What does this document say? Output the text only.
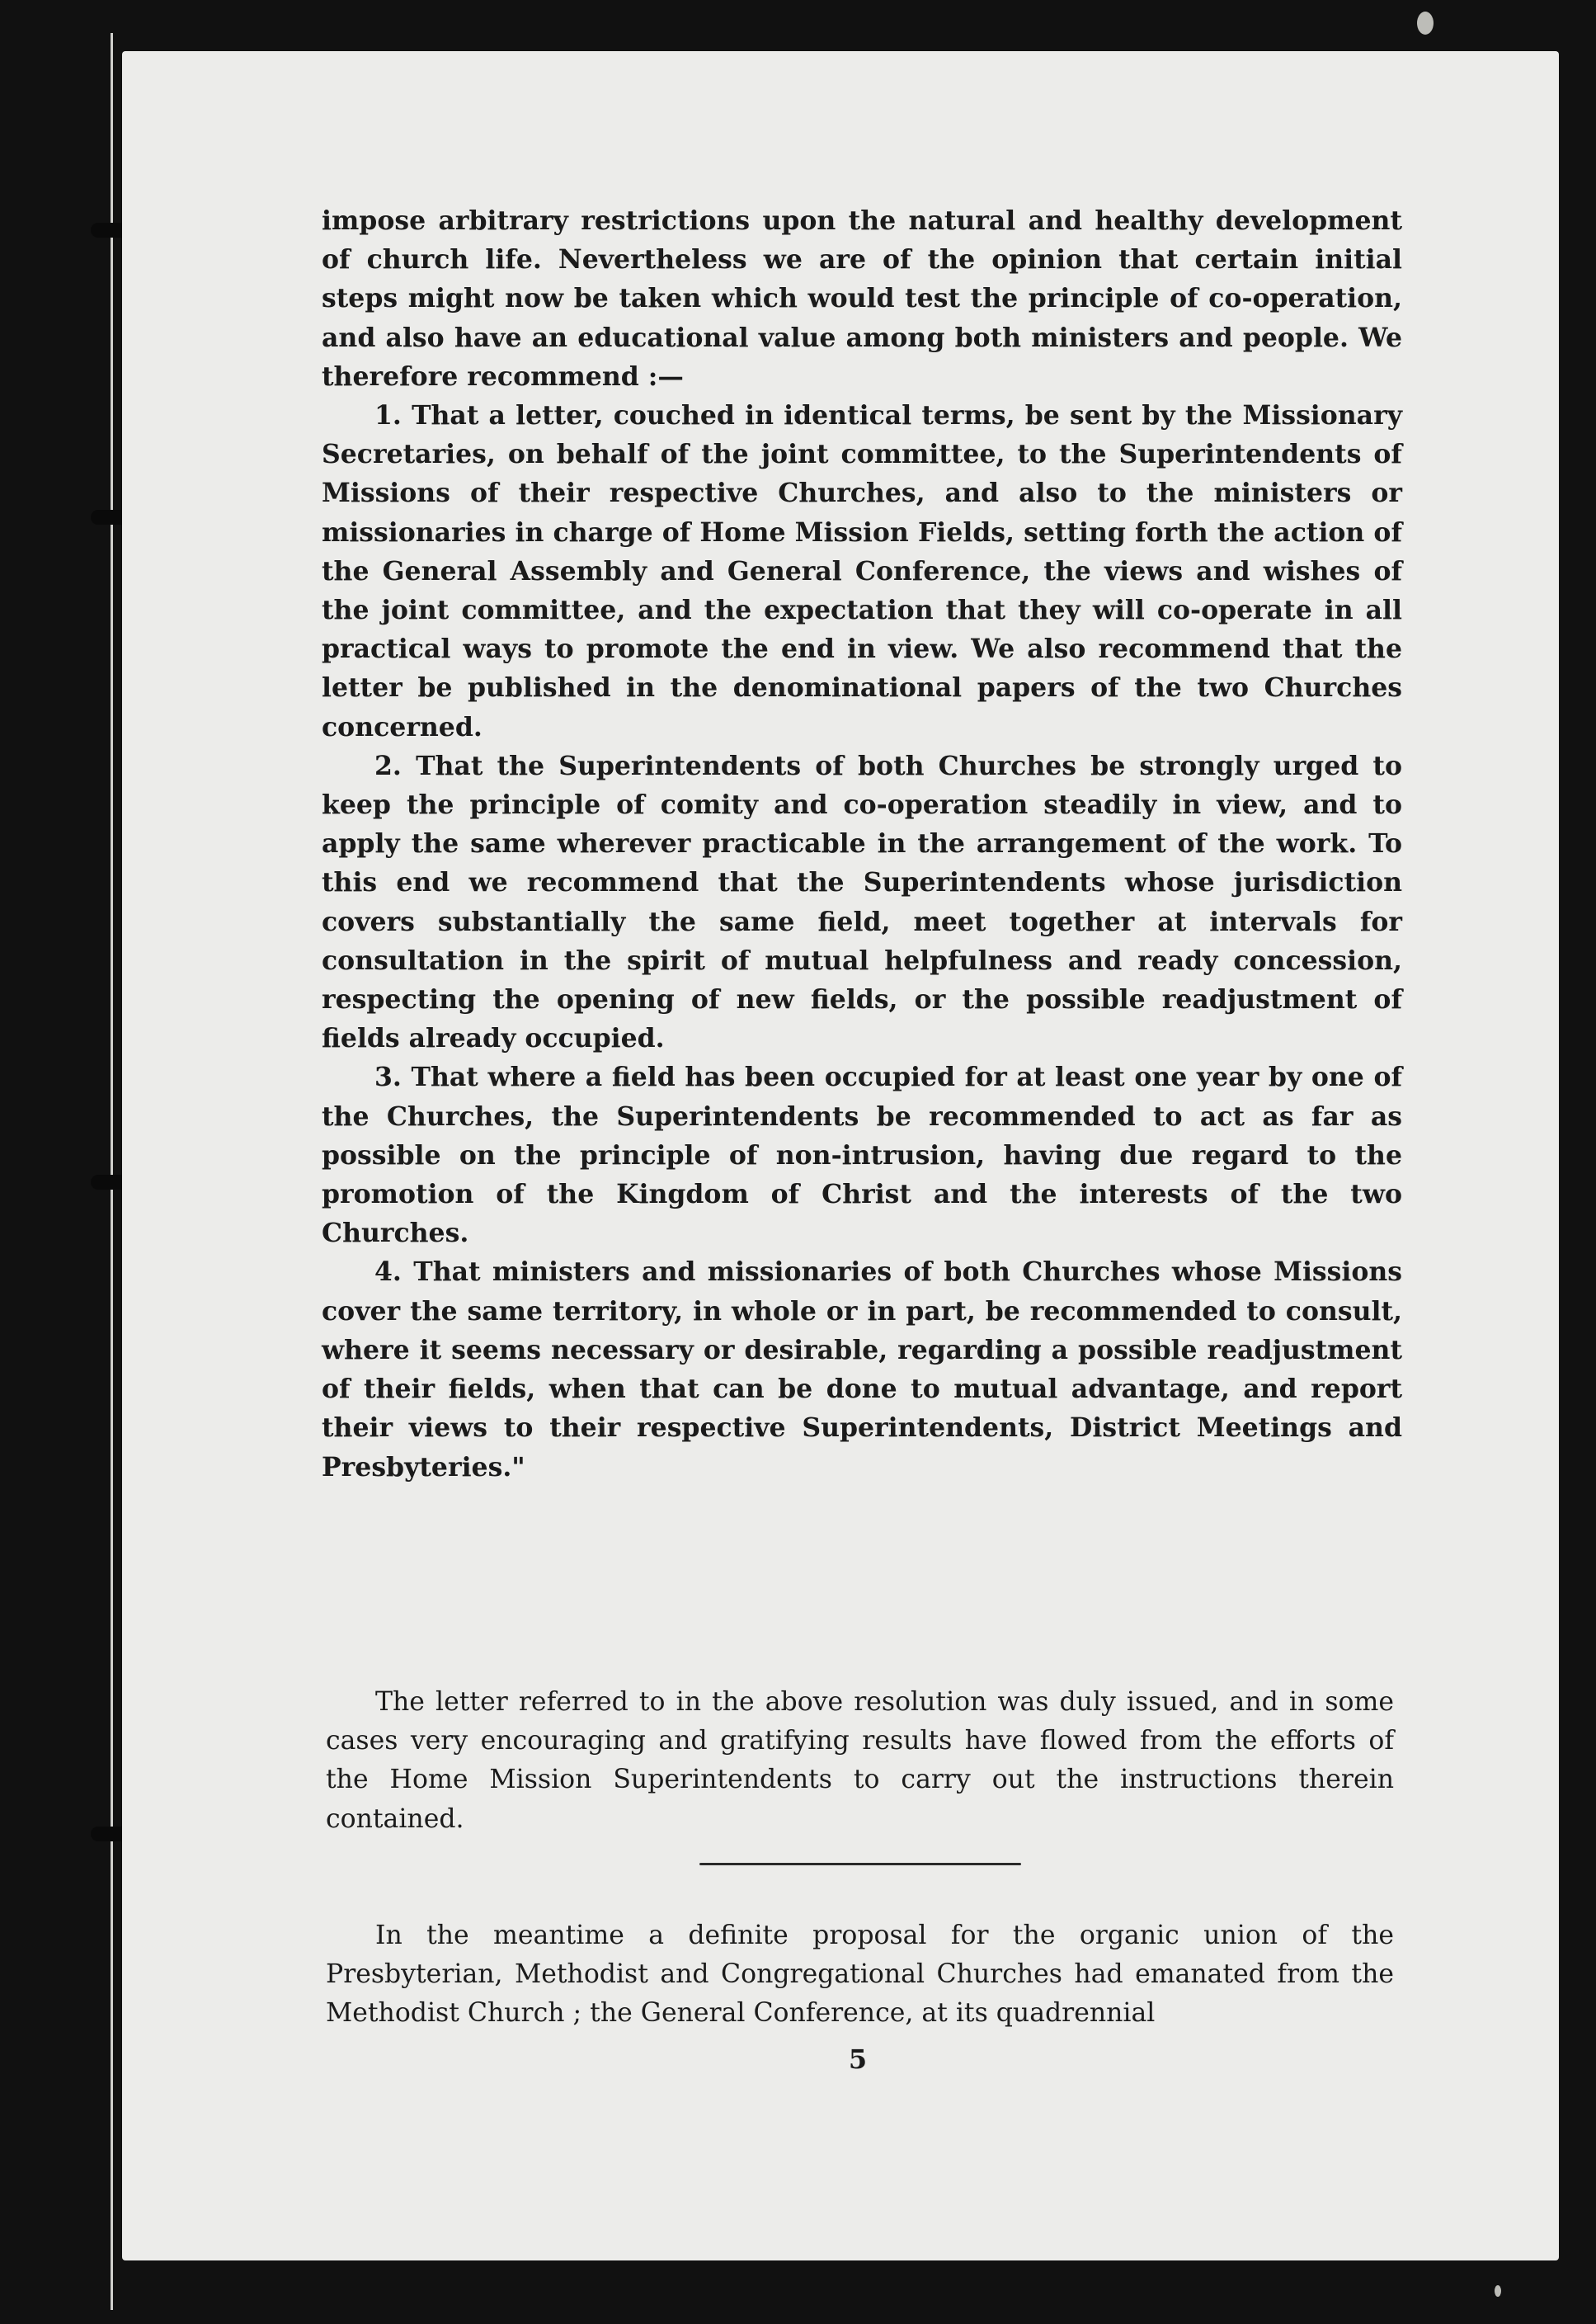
impose arbitrary restrictions upon the natural and healthy development of church life. Nevertheless we are of the opinion that certain initial steps might now be taken which would test the principle of co-operation, and also have an educational value among both ministers and people. We therefore recommend :—

1. That a letter, couched in identical terms, be sent by the Missionary Secretaries, on behalf of the joint committee, to the Superintendents of Missions of their respective Churches, and also to the ministers or missionaries in charge of Home Mission Fields, setting forth the action of the General Assembly and General Conference, the views and wishes of the joint committee, and the expectation that they will co-operate in all practical ways to promote the end in view. We also recommend that the letter be published in the denominational papers of the two Churches concerned.

2. That the Superintendents of both Churches be strongly urged to keep the principle of comity and co-operation steadily in view, and to apply the same wherever practicable in the arrangement of the work. To this end we recommend that the Superintendents whose jurisdiction covers substantially the same field, meet together at intervals for consultation in the spirit of mutual helpfulness and ready concession, respecting the opening of new fields, or the possible readjustment of fields already occupied.

3. That where a field has been occupied for at least one year by one of the Churches, the Superintendents be recommended to act as far as possible on the principle of non-intrusion, having due regard to the promotion of the Kingdom of Christ and the interests of the two Churches.

4. That ministers and missionaries of both Churches whose Missions cover the same territory, in whole or in part, be recommended to consult, where it seems necessary or desirable, regarding a possible readjustment of their fields, when that can be done to mutual advantage, and report their views to their respective Superintendents, District Meetings and Presbyteries."

The letter referred to in the above resolution was duly issued, and in some cases very encouraging and gratifying results have flowed from the efforts of the Home Mission Superintendents to carry out the instructions therein contained.

In the meantime a definite proposal for the organic union of the Presbyterian, Methodist and Congregational Churches had emanated from the Methodist Church ; the General Conference, at its quadrennial

5
